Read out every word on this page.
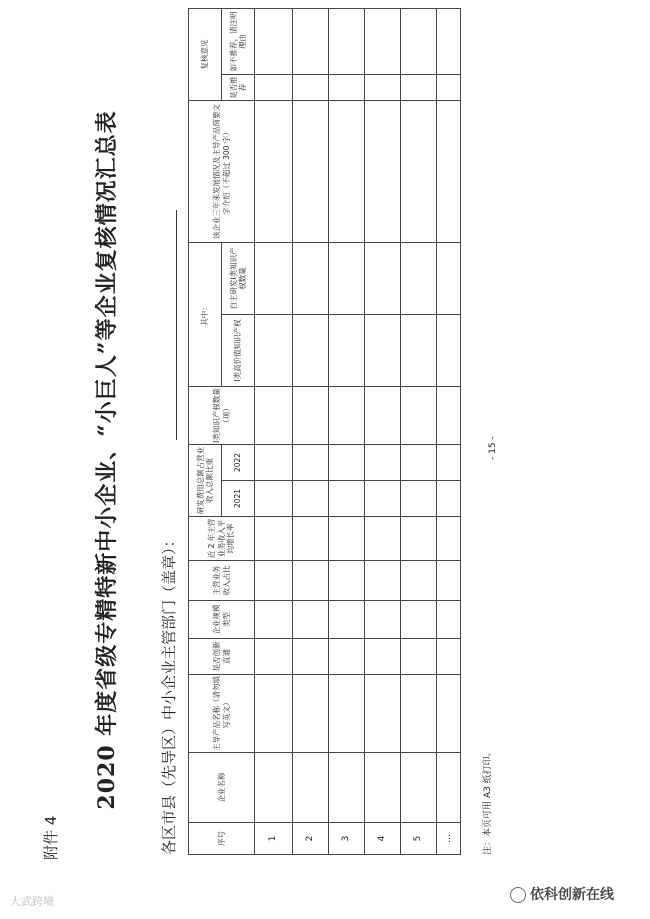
附件 4
2020 年度省级专精特新中小企业、“小巨人”等企业复核情况汇总表	各区市县（先导区）中小企业主管部门（盖章）：	序号	企业名称	主导产品名称（请勿填写英文）	是否创新直通	企业规模类型	主营业务收入占比	近 2 年主营业务收入平均增长率	研发费用总额占营业收入总额比重		Ⅰ类知识产权数量（项）	其中：		该企业三年来发展情况及主导产品简要文字介绍（不超过 300 字）	复核意见	
							2021	2022		Ⅰ类高价值知识产权	自主研发Ⅰ类知识产权数量		是否推荐	如不推荐，请注明理由
1														
2														
3														
4														
5														
…															注：本页可用 A3 纸打印。
- 15 -
大武跨境	依科创新在线
